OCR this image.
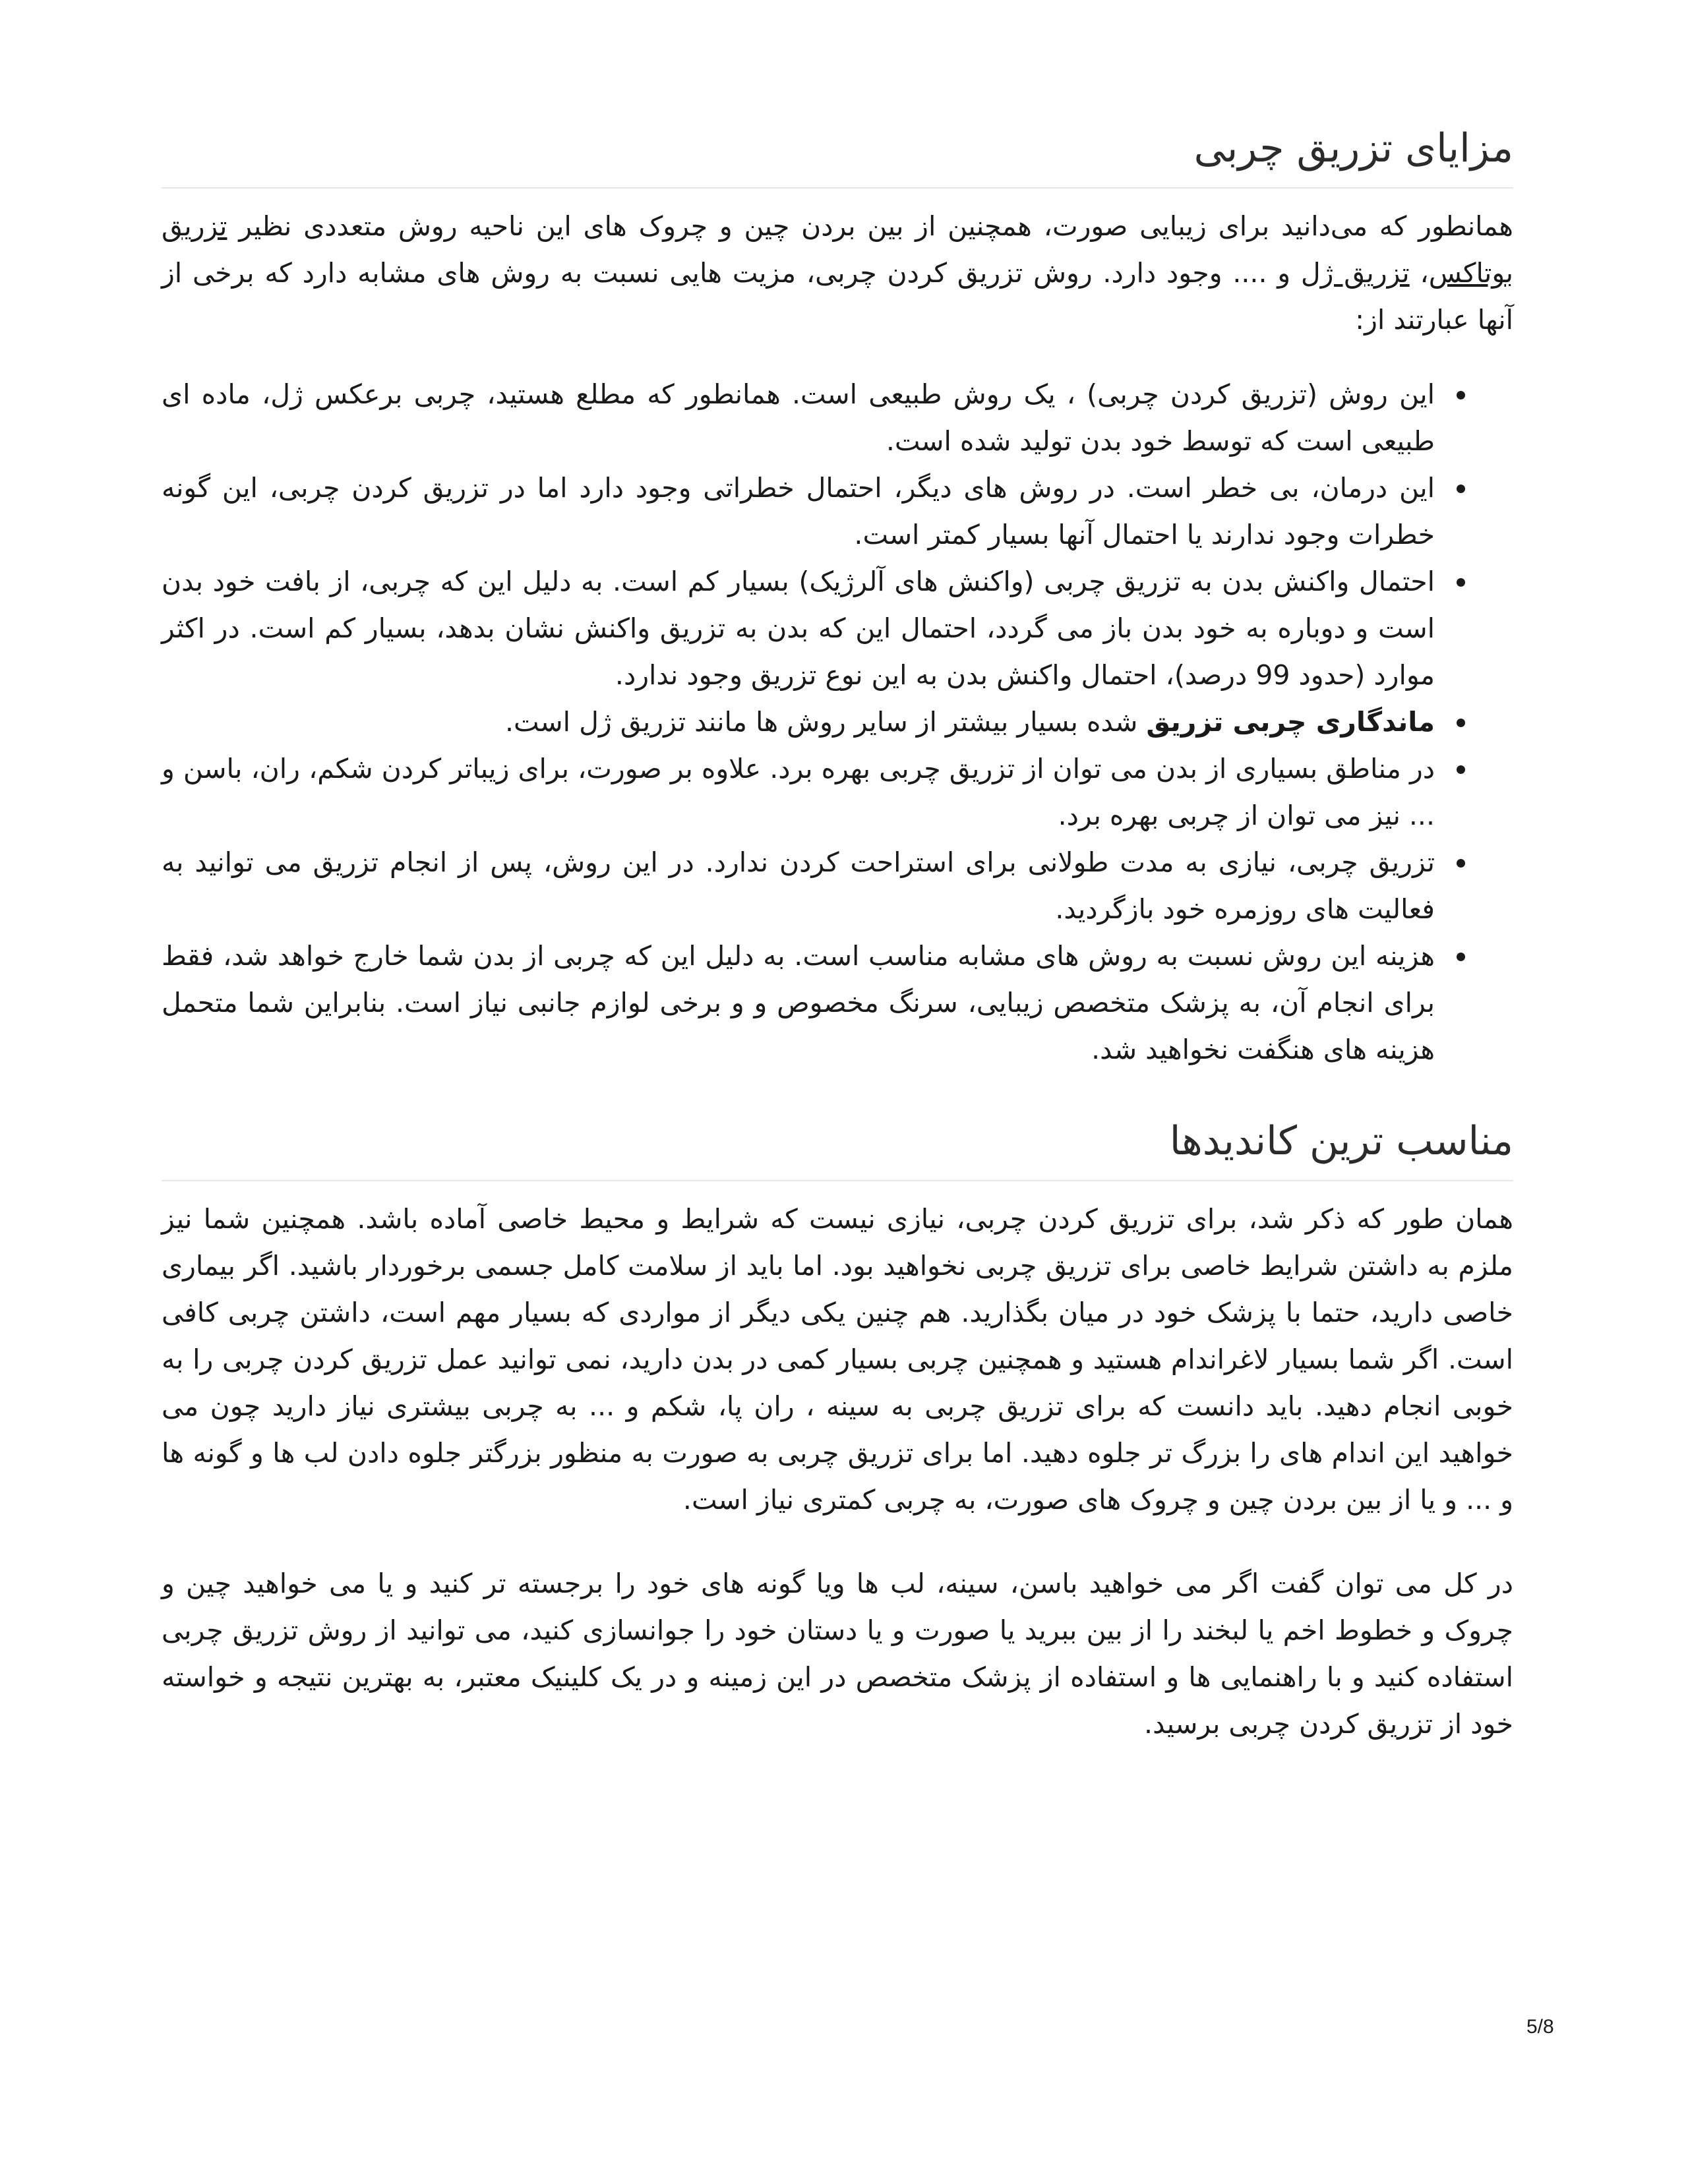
مزایای تزریق چربی

همانطور که می‌دانید برای زیبایی صورت، همچنین از بین بردن چین و چروک های این ناحیه روش متعددی نظیر تزریق بوتاکس، تزریق ژل و .... وجود دارد. روش تزریق کردن چربی، مزیت هایی نسبت به روش های مشابه دارد که برخی از آنها عبارتند از:

• این روش (تزریق کردن چربی) ، یک روش طبیعی است. همانطور که مطلع هستید، چربی برعکس ژل، ماده ای طبیعی است که توسط خود بدن تولید شده است.
• این درمان، بی خطر است. در روش های دیگر، احتمال خطراتی وجود دارد اما در تزریق کردن چربی، این گونه خطرات وجود ندارند یا احتمال آنها بسیار کمتر است.
• احتمال واکنش بدن به تزریق چربی (واکنش های آلرژیک) بسیار کم است. به دلیل این که چربی، از بافت خود بدن است و دوباره به خود بدن باز می گردد، احتمال این که بدن به تزریق واکنش نشان بدهد، بسیار کم است. در اکثر موارد (حدود 99 درصد)، احتمال واکنش بدن به این نوع تزریق وجود ندارد.
• ماندگاری چربی تزریق شده بسیار بیشتر از سایر روش ها مانند تزریق ژل است.
• در مناطق بسیاری از بدن می توان از تزریق چربی بهره برد. علاوه بر صورت، برای زیباتر کردن شکم، ران، باسن و ... نیز می توان از چربی بهره برد.
• تزریق چربی، نیازی به مدت طولانی برای استراحت کردن ندارد. در این روش، پس از انجام تزریق می توانید به فعالیت های روزمره خود بازگردید.
• هزینه این روش نسبت به روش های مشابه مناسب است. به دلیل این که چربی از بدن شما خارج خواهد شد، فقط برای انجام آن، به پزشک متخصص زیبایی، سرنگ مخصوص و و برخی لوازم جانبی نیاز است. بنابراین شما متحمل هزینه های هنگفت نخواهید شد.
مناسب ترین کاندیدها

همان طور که ذکر شد، برای تزریق کردن چربی، نیازی نیست که شرایط و محیط خاصی آماده باشد. همچنین شما نیز ملزم به داشتن شرایط خاصی برای تزریق چربی نخواهید بود. اما باید از سلامت کامل جسمی برخوردار باشید. اگر بیماری خاصی دارید، حتما با پزشک خود در میان بگذارید. هم چنین یکی دیگر از مواردی که بسیار مهم است، داشتن چربی کافی است. اگر شما بسیار لاغراندام هستید و همچنین چربی بسیار کمی در بدن دارید، نمی توانید عمل تزریق کردن چربی را به خوبی انجام دهید. باید دانست که برای تزریق چربی به سینه ، ران پا، شکم و ... به چربی بیشتری نیاز دارید چون می خواهید این اندام های را بزرگ تر جلوه دهید. اما برای تزریق چربی به صورت به منظور بزرگتر جلوه دادن لب ها و گونه ها و ... و یا از بین بردن چین و چروک های صورت، به چربی کمتری نیاز است.

در کل می توان گفت اگر می خواهید باسن، سینه، لب ها ویا گونه های خود را برجسته تر کنید و یا می خواهید چین و چروک و خطوط اخم یا لبخند را از بین ببرید یا صورت و یا دستان خود را جوانسازی کنید، می توانید از روش تزریق چربی استفاده کنید و با راهنمایی ها و استفاده از پزشک متخصص در این زمینه و در یک کلینیک معتبر، به بهترین نتیجه و خواسته خود از تزریق کردن چربی برسید.

5/8
